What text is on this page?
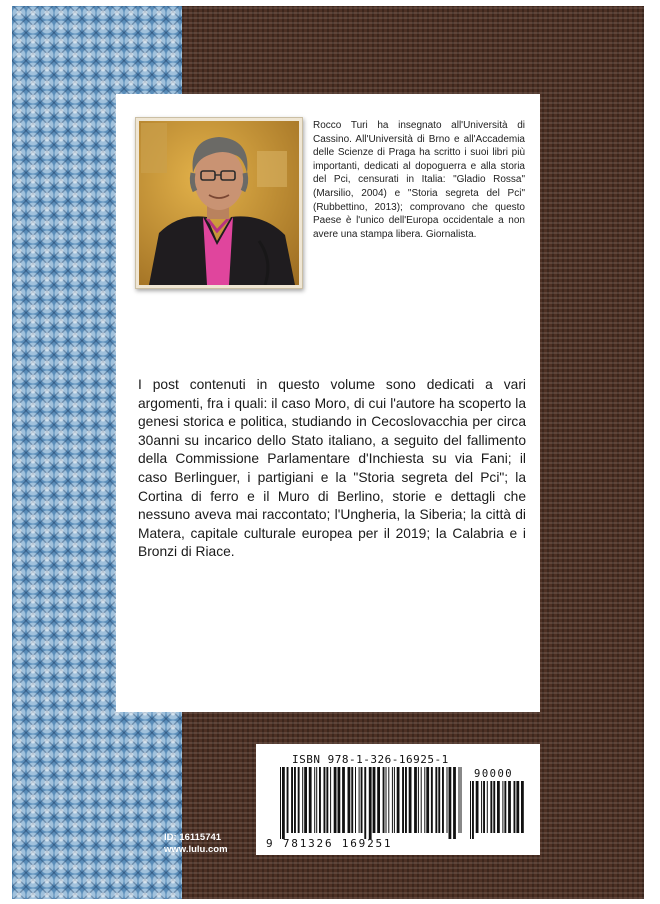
Rocco Turi ha insegnato all'Università di Cassino. All'Università di Brno e all'Accademia delle Scienze di Praga ha scritto i suoi libri più importanti, dedicati al dopoguerra e alla storia del Pci, censurati in Italia: "Gladio Rossa" (Marsilio, 2004) e "Storia segreta del Pci" (Rubbettino, 2013); comprovano che questo Paese è l'unico dell'Europa occidentale a non avere una stampa libera. Giornalista.

I post contenuti in questo volume sono dedicati a vari argomenti, fra i quali: il caso Moro, di cui l'autore ha scoperto la genesi storica e politica, studiando in Cecoslovacchia per circa 30anni su incarico dello Stato italiano, a seguito del fallimento della Commissione Parlamentare d'Inchiesta su via Fani; il caso Berlinguer, i partigiani e la "Storia segreta del Pci"; la Cortina di ferro e il Muro di Berlino, storie e dettagli che nessuno aveva mai raccontato; l'Ungheria, la Siberia; la città di Matera, capitale culturale europea per il 2019; la Calabria e i Bronzi di Riace.

ISBN 978-1-326-16925-1
90000
9 781326 169251
ID: 16115741
www.lulu.com
